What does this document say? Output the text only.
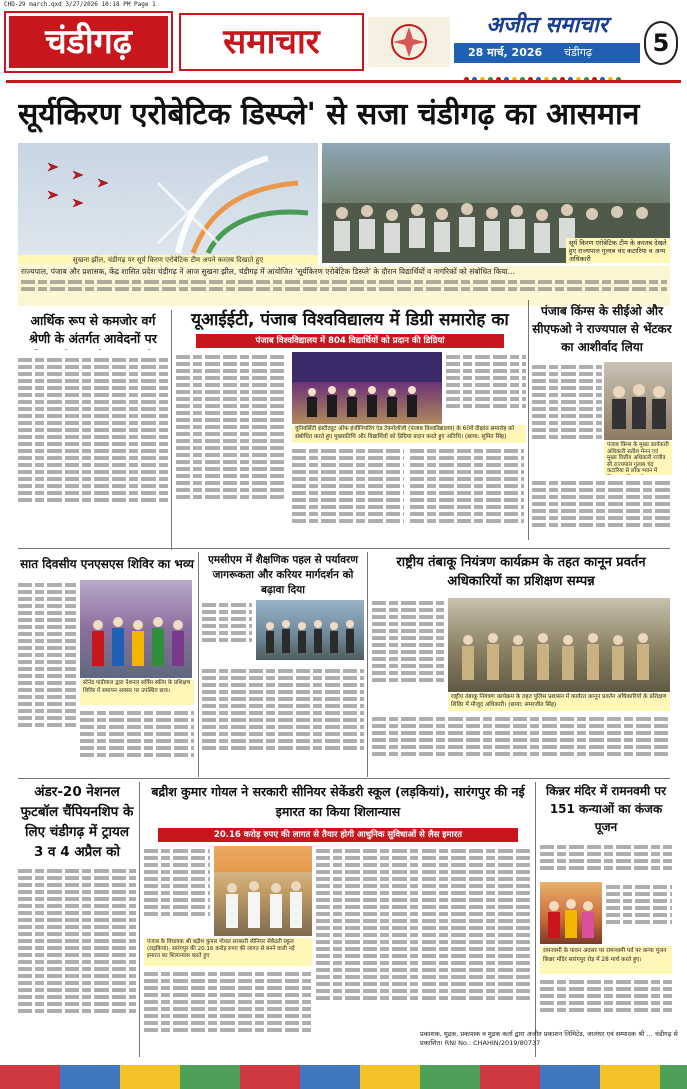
CHD-29 march.qxd 3/27/2026 10:18 PM Page 1
चंडीगढ़	समाचार	अजीत समाचार
28 मार्च, 2026 चंडीगढ़	5
सूर्यकिरण एरोबेटिक डिस्प्ले' से सजा चंडीगढ़ का आसमान
सुखना झील, चंडीगढ़ पर सूर्य किरण एरोबेटिक टीम अपने करतब दिखाते हुए
सूर्य किरण एरोबेटिक टीम के करतब देखते हुए राज्यपाल गुलाब चंद कटारिया व अन्य अधिकारी
राज्यपाल, पंजाब और प्रशासक, केंद्र शासित प्रदेश चंडीगढ़ ने आज सुखना झील, चंडीगढ़ में आयोजित 'सूर्यकिरण एरोबेटिक डिस्प्ले' के दौरान विद्यार्थियों व नागरिकों को संबोधित किया...
आर्थिक रूप से कमजोर वर्ग श्रेणी के अंतर्गत आवेदनों पर
यूआईईटी, पंजाब विश्वविद्यालय में डिग्री समारोह का
पंजाब विश्वविद्यालय में 804 विद्यार्थियों को प्रदान की डिग्रियां
यूनिवर्सिटी इंस्टीट्यूट ऑफ इंजीनियरिंग एंड टेक्नोलॉजी (पंजाब विश्वविद्यालय) के 60वें दीक्षांत समारोह को संबोधित करते हुए मुख्यातिथि और विद्यार्थियों को डिग्रियां प्रदान करते हुए अतिथि। (छाया: सुमित सिंह)
पंजाब किंग्स के सीईओ और सीएफओ ने राज्यपाल से भेंटकर का आशीर्वाद लिया
पंजाब किंग्स के मुख्य कार्यकारी अधिकारी सतीश मेनन एवं मुख्य वित्तीय अधिकारी राजीव सी.राज्यपाल गुलाब चंद कटारिया से लोक भवन में
सात दिवसीय एनएसएस शिविर का भव्य
स्टेनेड पांडीयाल द्वारा नेशनल सर्विस स्कीम के प्रशिक्षण शिविर में समापन अवसर पर उपस्थित छात्र।
एमसीएम में शैक्षणिक पहल से पर्यावरण जागरूकता और करियर मार्गदर्शन को बढ़ावा दिया
राष्ट्रीय तंबाकू नियंत्रण कार्यक्रम के तहत कानून प्रवर्तन अधिकारियों का प्रशिक्षण सम्पन्न
राष्ट्रीय तंबाकू नियंत्रण कार्यक्रम के तहत पुलिस प्रशासन में कार्यरत कानून प्रवर्तन अधिकारियों के प्रशिक्षण शिविर में मौजूद अधिकारी। (छाया: समरजीत सिंह)
अंडर-20 नेशनल फुटबॉल चैंपियनशिप के लिए चंडीगढ़ में ट्रायल 3 व 4 अप्रैल को
बद्रीश कुमार गोयल ने सरकारी सीनियर सेकेंडरी स्कूल (लड़कियां), सारंगपुर की नई इमारत का किया शिलान्यास
20.16 करोड़ रुपए की लागत से तैयार होगी आधुनिक सुविधाओं से लैस इमारत
पंजाब के विधायक श्री बद्रीश कुमार गोयल सरकारी सीनियर सेकेंडरी स्कूल (लड़कियां), सारंगपुर की 20.16 करोड़ रुपए की लागत से बनने वाली नई इमारत का शिलान्यास करते हुए
किन्नर मंदिर में रामनवमी पर 151 कन्याओं का कंजक पूजन
रामनवमी के पावन अवसर पर रामनवमी पर्व पर कन्या पूजन किन्नर मंदिर सारंगपुर रोड़ में 28 मार्च करते हुए।
प्रकाशक, मुद्रक, प्रकाशक व मुद्रक कर्ता द्वारा अजीत प्रकाशन लिमिटेड, जालंधर एवं सम्पादक श्री ... चंडीगढ़ से प्रकाशित। RNI No.: CHAHIN/2019/80737
